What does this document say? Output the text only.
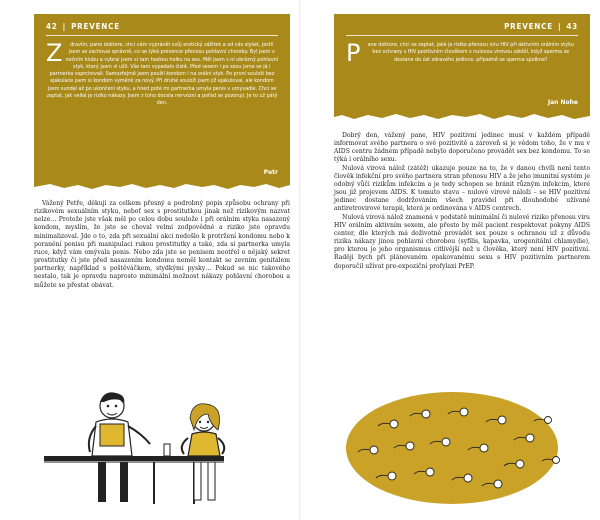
42 | PREVENCE
Z dravím, pane doktore, chci vám vyprávět svůj erotický zážitek a od vás slyšet, jestli jsem se zachoval správně, co se týká prevence přenosu pohlavní choroby. Byl jsem v nočním klubu a vybral jsem si tam hezkou holku na sex. Měl jsem s ní obrázný pohlavní styk, který jsem si užil. Vše tam vypadalo čistě. Před sexem i po sexu jsme se já i partnerka osprchovali. Samozřejmě jsem použil kondom i na orální styk. Po první souloži bez ejakulace jsem si kondom vyměnil za nový. Při druhé souloži jsem již ejakuloval, ale kondom jsem sundal až po ukončení styku, a hned poté mi partnerka umyla penis v umyvadle. Chci se zeptat, jak velké je riziko nákazy. Jsem z toho docela nervózní a pořád se pozoruji. Je to už pátý den.
Petr

Vážený Petře, děkuji za celkem přesný a podrobný popis způsobu ochrany při rizikovém sexuálním styku, neboť sex s prostitutkou jinak než rizikovým nazvat nelze… Protože jste však měl po celou dobu soulože i při orálním styku nasazený kondom, myslím, že jste se choval velmi zodpovědně a riziko jste opravdu minimalizoval. Jde o to, zda při sexuální akci nedošlo k protržení kondomu nebo k poranění penisu při manipulaci rukou prostitutky a také, zda si partnerka umyla ruce, když vám omývala penis. Nebo zda jste se penisem neotřel o nějaký sekret prostitutky či jste před nasazením kondomu neměl kontakt se zevním genitálem partnerky, například s poštěváčkem, stydkými pysky… Pokud se nic takového nestalo, tak je opravdu naprosto minimální možnost nákazy pohlavní chorobou a můžete se přestat obávat.

PREVENCE | 43
P ane doktore, chci se zeptat, jaké je riziko přenosu viru HIV při aktivním orálním styku bez ochrany s HIV pozitivním člověkem s nulovou virovou zátěží, když sperma se dostane do úst zdravého jedince, případně se sperma spolkne?
Jan Nohe

Dobrý den, vážený pane, HIV pozitivní jedinec musí v každém případě informovat svého partnera o své pozitivitě a zároveň si je vědom toho, že v mu v AIDS centru žádném případě nebylo doporučeno provádět sex bez kondomu. To se týká i orálního sexu.

Nulová virová nálož (zátěž) ukazuje pouze na to, že v danou chvíli není tento člověk infekční pro svého partnera stran přenosu HIV a že jeho imunitní systém je odolný vůči rizikům infekcím a je tedy schopen se bránit různým infekcím, které jsou již projevem AIDS. K tomuto stavu – nulové virové náloži – se HIV pozitivní jedinec dostane dodržováním všech pravidel při dlouhodobé užívané antiretrovirové terapii, která je ordinována v AIDS centrech.

Nulová virová nálož znamená v podstatě minimální či nulové riziko přenosu viru HIV orálním aktivním sexem, ale přesto by měl pacient respektovat pokyny AIDS center, dle kterých má doživotně provádět sex pouze s ochranou už z důvodu rizika nákazy jinou pohlavní chorobou (syfilis, kapavka, urogenitální chlamydie), pro kterou je jeho organismus citlivější než u člověka, který není HIV pozitivní. Raději bych při plánovaném opakovanému sexu s HIV pozitivním partnerem doporučil užívat pre-expoziční profylaxi PrEP.
